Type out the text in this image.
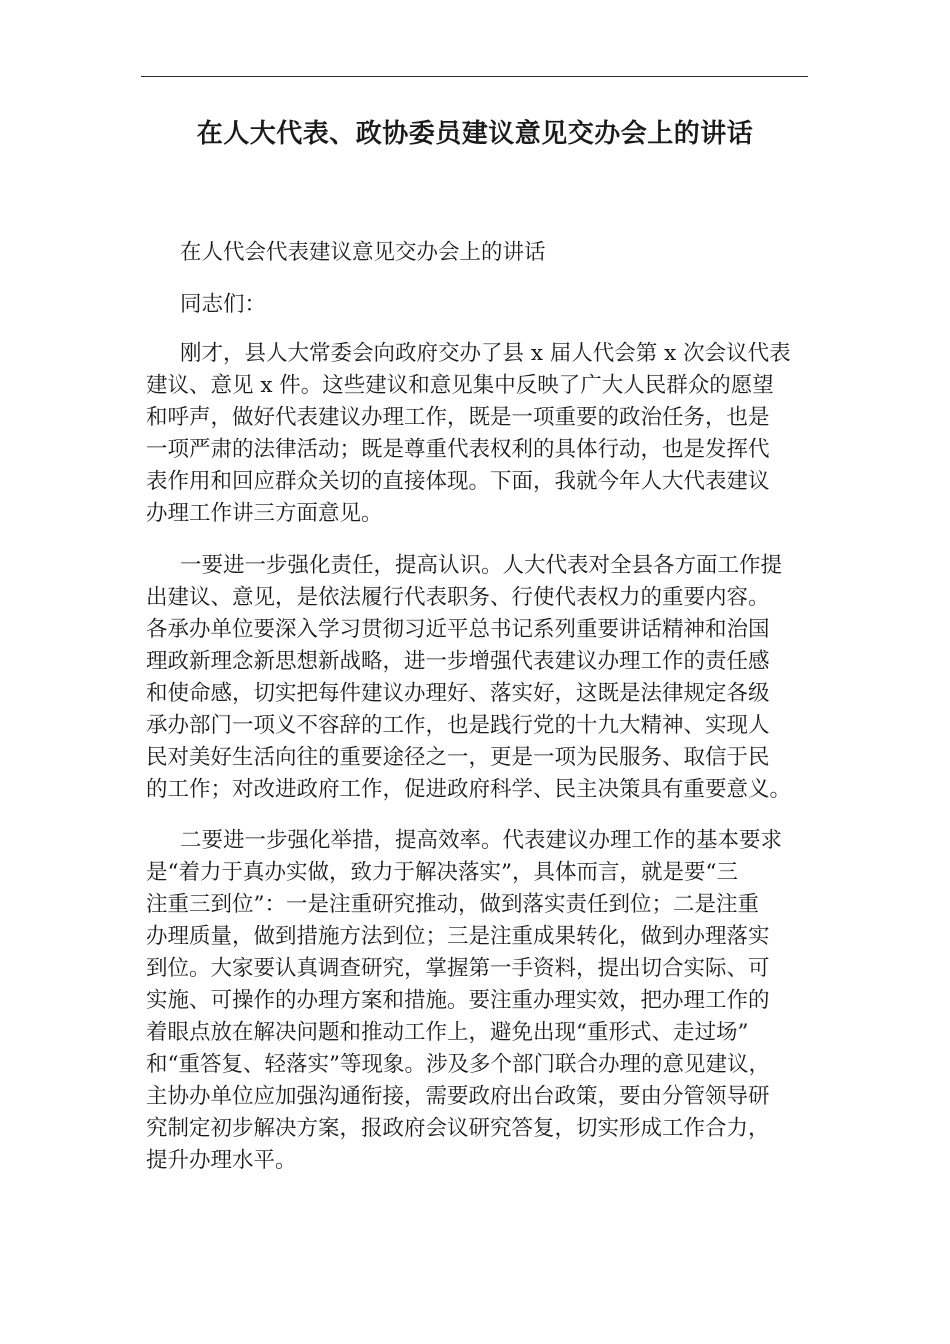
在人大代表、政协委员建议意见交办会上的讲话

在人代会代表建议意见交办会上的讲话

同志们：

刚才，县人大常委会向政府交办了县 x 届人代会第 x 次会议代表

建议、意见 x 件。这些建议和意见集中反映了广大人民群众的愿望

和呼声，做好代表建议办理工作，既是一项重要的政治任务，也是

一项严肃的法律活动；既是尊重代表权利的具体行动，也是发挥代

表作用和回应群众关切的直接体现。下面，我就今年人大代表建议

办理工作讲三方面意见。

一要进一步强化责任，提高认识。人大代表对全县各方面工作提

出建议、意见，是依法履行代表职务、行使代表权力的重要内容。

各承办单位要深入学习贯彻习近平总书记系列重要讲话精神和治国

理政新理念新思想新战略，进一步增强代表建议办理工作的责任感

和使命感，切实把每件建议办理好、落实好，这既是法律规定各级

承办部门一项义不容辞的工作，也是践行党的十九大精神、实现人

民对美好生活向往的重要途径之一，更是一项为民服务、取信于民

的工作；对改进政府工作，促进政府科学、民主决策具有重要意义。

二要进一步强化举措，提高效率。代表建议办理工作的基本要求

是“着力于真办实做，致力于解决落实”，具体而言，就是要“三

注重三到位”：一是注重研究推动，做到落实责任到位；二是注重

办理质量，做到措施方法到位；三是注重成果转化，做到办理落实

到位。大家要认真调查研究，掌握第一手资料，提出切合实际、可

实施、可操作的办理方案和措施。要注重办理实效，把办理工作的

着眼点放在解决问题和推动工作上，避免出现“重形式、走过场”

和“重答复、轻落实”等现象。涉及多个部门联合办理的意见建议，

主协办单位应加强沟通衔接，需要政府出台政策，要由分管领导研

究制定初步解决方案，报政府会议研究答复，切实形成工作合力，

提升办理水平。
